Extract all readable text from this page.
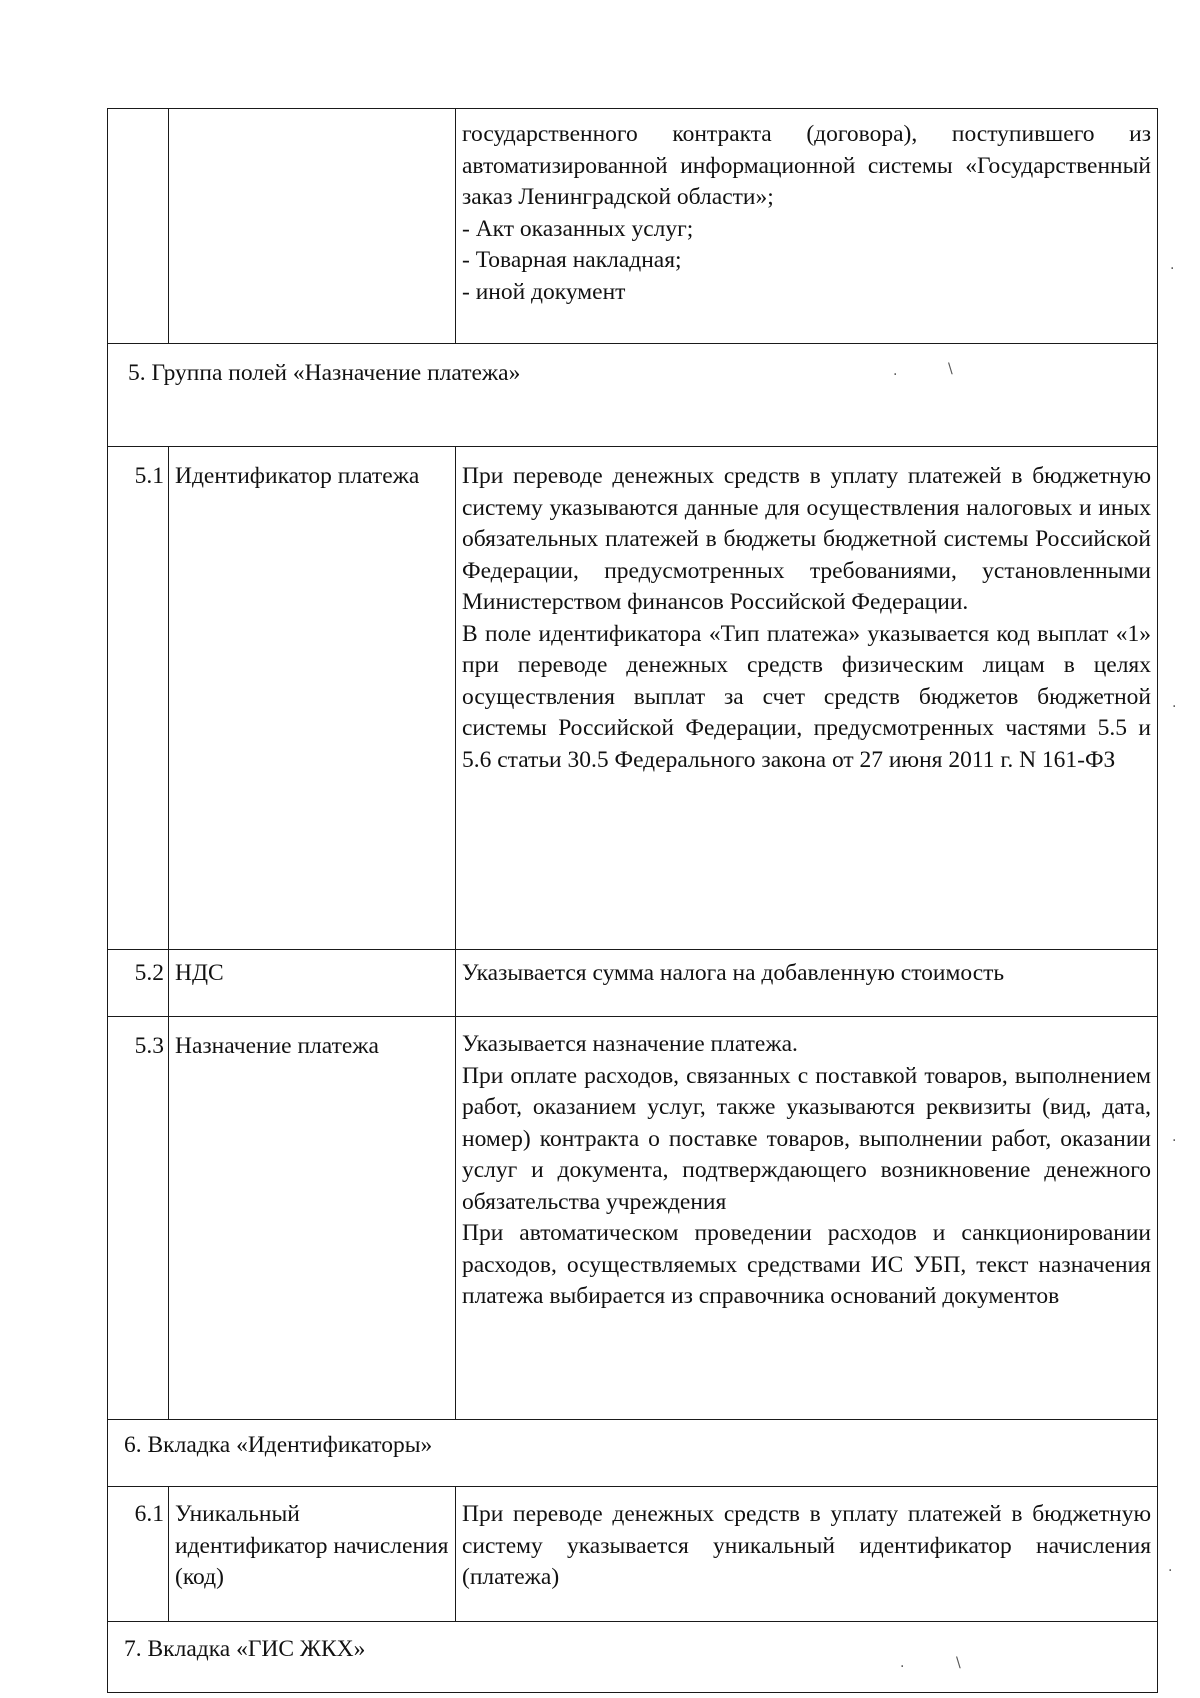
		государственного контракта (договора), поступившего из автоматизированной информационной системы «Государственный заказ Ленинградской области»;

- Акт оказанных услуг;

- Товарная накладная;

- иной документ

5. Группа полей «Назначение платежа»		
5.1	Идентификатор платежа	При переводе денежных средств в уплату платежей в бюджетную систему указываются данные для осуществления налоговых и иных обязательных платежей в бюджеты бюджетной системы Российской Федерации, предусмотренных требованиями, установленными Министерством финансов Российской Федерации.

В поле идентификатора «Тип платежа» указывается код выплат «1» при переводе денежных средств физическим лицам в целях осуществления выплат за счет средств бюджетов бюджетной системы Российской Федерации, предусмотренных частями 5.5 и 5.6 статьи 30.5 Федерального закона от 27 июня 2011 г. N 161-ФЗ

5.2	НДС	Указывается сумма налога на добавленную стоимость
5.3	Назначение платежа	Указывается назначение платежа.

При оплате расходов, связанных с поставкой товаров, выполнением работ, оказанием услуг, также указываются реквизиты (вид, дата, номер) контракта о поставке товаров, выполнении работ, оказании услуг и документа, подтверждающего возникновение денежного обязательства учреждения

При автоматическом проведении расходов и санкционировании расходов, осуществляемых средствами ИС УБП, текст назначения платежа выбирается из справочника оснований документов

6. Вкладка «Идентификаторы»		
6.1	Уникальный идентификатор начисления (код)	При переводе денежных средств в уплату платежей в бюджетную систему указывается уникальный идентификатор начисления (платежа)
7. Вкладка «ГИС ЖКХ»		
·
·
·
·
·	\
·	\
